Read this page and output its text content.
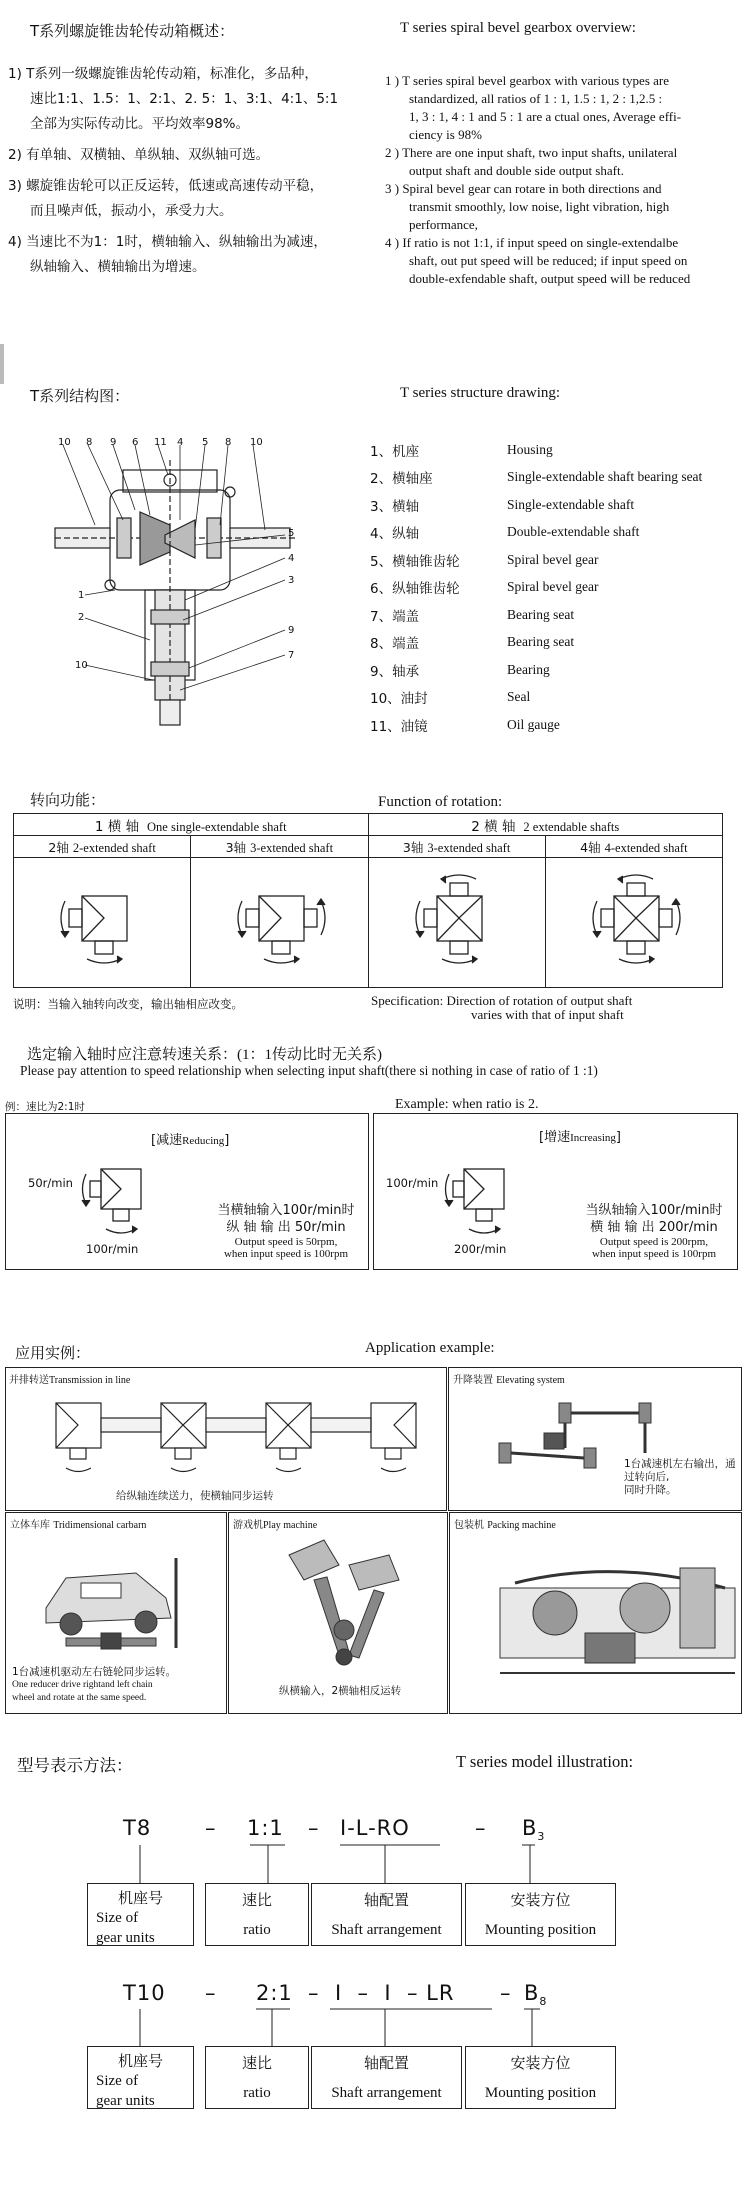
T系列螺旋锥齿轮传动箱概述：	T series spiral bevel gearbox overview:
1) T系列一级螺旋锥齿轮传动箱，标准化，多品种，
速比1:1、1.5：1、2:1、2. 5：1、3:1、4:1、5:1
全部为实际传动比。平均效率98%。
2) 有单轴、双横轴、单纵轴、双纵轴可选。
3) 螺旋锥齿轮可以正反运转，低速或高速传动平稳，
而且噪声低，振动小，承受力大。
4) 当速比不为1：1时，横轴输入、纵轴输出为减速，
纵轴输入、横轴输出为增速。
1 ) T series spiral bevel gearbox with various types are
standardized, all ratios of 1 : 1, 1.5 : 1, 2 : 1,2.5 :
1, 3 : 1, 4 : 1 and 5 : 1 are a ctual ones, Average effi-
ciency is 98%
2 ) There are one input shaft, two input shafts, unilateral
output shaft and double side output shaft.
3 ) Spiral bevel gear can rotare in both directions and
transmit smoothly, low noise, light vibration, high
performance,
4 ) If ratio is not 1:1, if input speed on single-extendalbe
shaft, out put speed will be reduced; if input speed on
double-exfendable shaft, output speed will be reduced
T系列结构图：	T series structure drawing:
10 8 9 6 11 4 5 8 10
5
4
3
9
7
1
2
10
1、机座	Housing
2、横轴座	Single-extendable shaft bearing seat
3、横轴	Single-extendable shaft
4、纵轴	Double-extendable shaft
5、横轴锥齿轮	Spiral bevel gear
6、纵轴锥齿轮	Spiral bevel gear
7、端盖	Bearing seat
8、端盖	Bearing seat
9、轴承	Bearing
10、油封	Seal
11、油镜	Oil gauge
转向功能：	Function of rotation:
1 横 轴 One single-extendable shaft		2 横 轴 2 extendable shafts	
2轴 2-extended shaft	3轴 3-extended shaft	3轴 3-extended shaft	4轴 4-extended shaft

说明：当输入轴转向改变，输出轴相应改变。	Specification: Direction of rotation of output shaft
varies with that of input shaft
选定输入轴时应注意转速关系：(1：1传动比时无关系)
Please pay attention to speed relationship when selecting input shaft(there si nothing in case of ratio of 1 :1)
例：速比为2:1时	Example: when ratio is 2.
[减速Reducing]
50r/min
100r/min
当横轴输入100r/min时
纵 轴 输 出 50r/min
Output speed is 50rpm,
when input speed is 100rpm
[增速Increasing]
100r/min
200r/min
当纵轴输入100r/min时
横 轴 输 出 200r/min
Output speed is 200rpm,
when input speed is 100rpm
应用实例：	Application example:
并排转送Transmission in line
给纵轴连续送力，使横轴同步运转
升降装置 Elevating system
1台减速机左右输出，通过转向后,
同时升降。
立体车库 Tridimensional carbarn
1台减速机驱动左右链轮同步运转。
One reducer drive rightand left chain
wheel and rotate at the same speed.
游戏机Play machine
纵横输入，2横轴相反运转
包装机 Packing machine
型号表示方法：	T series model illustration:
T8	– 1:1 – I-L-RO	– $B_3$
机座号
Size of
gear units
速比
ratio
轴配置
Shaft arrangement
安装方位
Mounting position
T10 – 2:1 – I  –  I  – LR – $B_8$
机座号
Size of
gear units
速比
ratio
轴配置
Shaft arrangement
安装方位
Mounting position
